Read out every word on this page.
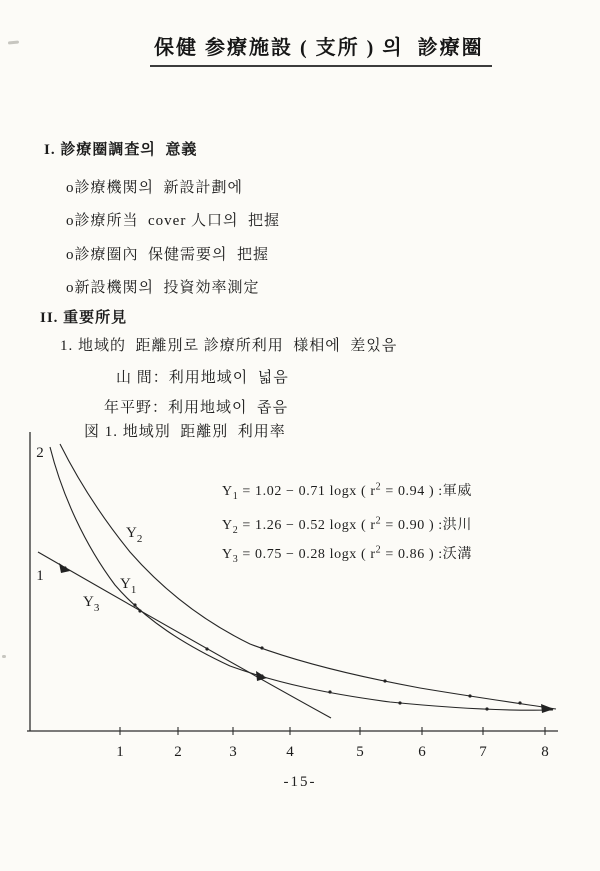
保健 参療施設 ( 支所 ) 의  診療圈
I. 診療圈調査의  意義
o診療機関의  新設計劃에
o診療所当  cover 人口의  把握
o診療圈內  保健需要의  把握
o新設機関의  投資効率測定
II. 重要所見
1. 地域的  距離別로 診療所利用  様相에  差있음
山 間：利用地域이  넓음
年平野：利用地域이  좁음
図 1. 地域別  距離別  利用率
1	2	3	4	5	6	7	8
2
1
$Y_2$
$Y_1$
$Y_3$
$Y_1 = 1.02 - 0.71$ logx ( $r^2 = 0.94$ ) :軍威
$Y_2 = 1.26 - 0.52$ logx ( $r^2 = 0.90$ ) :洪川
$Y_3 = 0.75 - 0.28$ logx ( $r^2 = 0.86$ ) :沃溝
-15-
